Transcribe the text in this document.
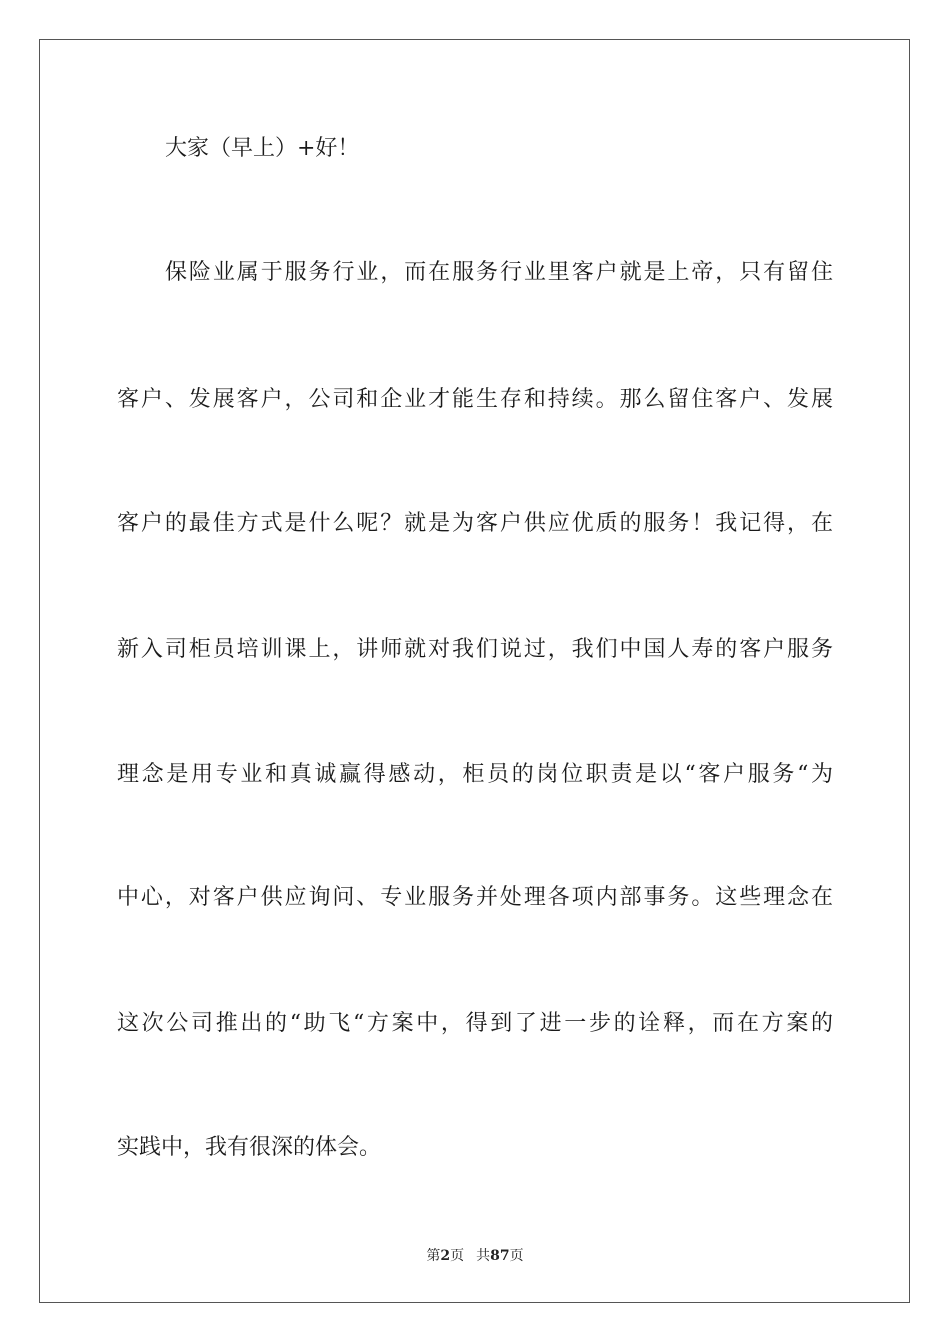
大家（早上）+好！
保险业属于服务行业，而在服务行业里客户就是上帝，只有留住
客户、发展客户，公司和企业才能生存和持续。那么留住客户、发展
客户的最佳方式是什么呢？就是为客户供应优质的服务！我记得，在
新入司柜员培训课上，讲师就对我们说过，我们中国人寿的客户服务
理念是用专业和真诚赢得感动，柜员的岗位职责是以“客户服务“为
中心，对客户供应询问、专业服务并处理各项内部事务。这些理念在
这次公司推出的“助飞“方案中，得到了进一步的诠释，而在方案的
实践中，我有很深的体会。
第2页 共87页
